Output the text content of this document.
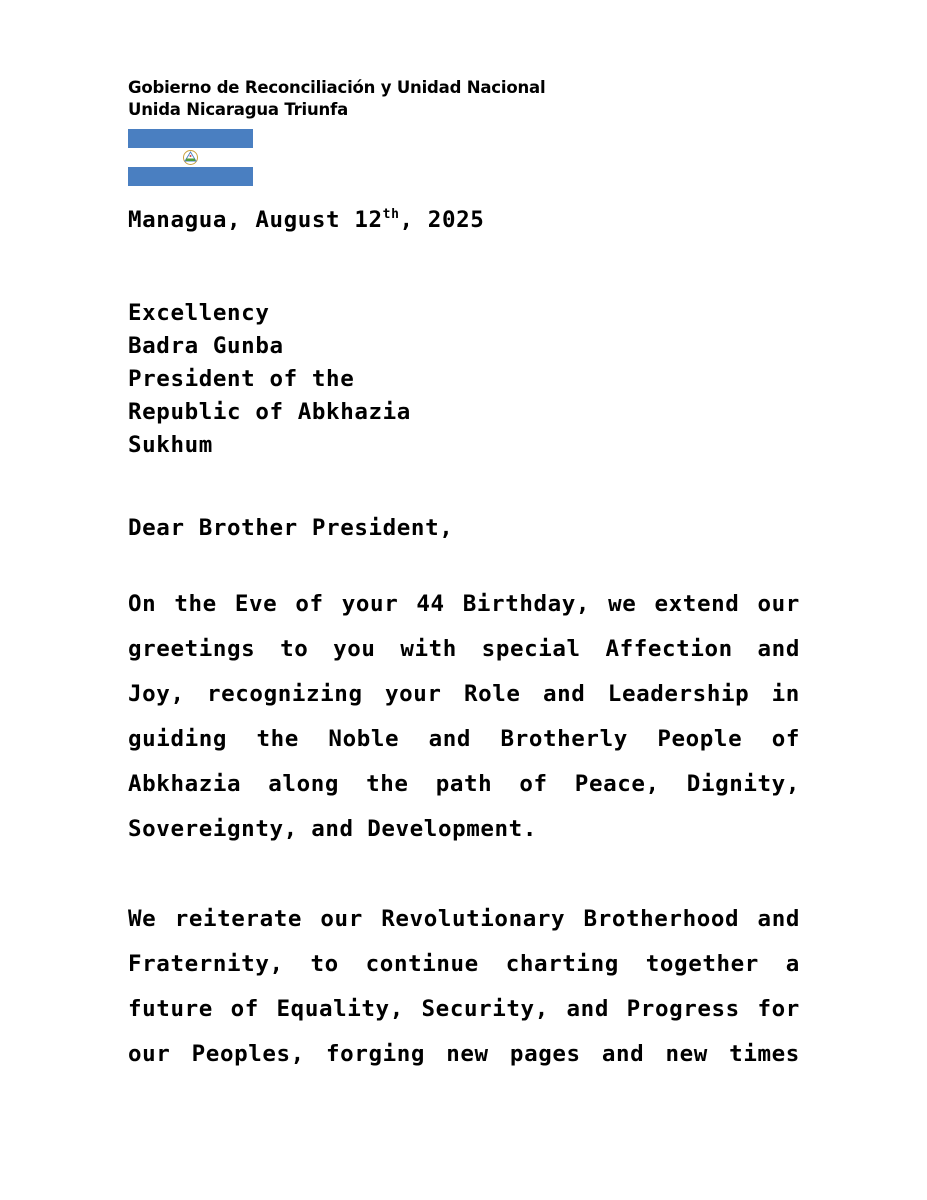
Gobierno de Reconciliación y Unidad Nacional
Unida Nicaragua Triunfa
Managua, August 12th, 2025
Excellency
Badra Gunba
President of the
Republic of Abkhazia
Sukhum
Dear Brother President,
On the Eve of your 44 Birthday, we extend our
greetings to you with special Affection and
Joy, recognizing your Role and Leadership in
guiding the Noble and Brotherly People of
Abkhazia along the path of Peace, Dignity,
Sovereignty, and Development.
We reiterate our Revolutionary Brotherhood and
Fraternity, to continue charting together a
future of Equality, Security, and Progress for
our Peoples, forging new pages and new times
